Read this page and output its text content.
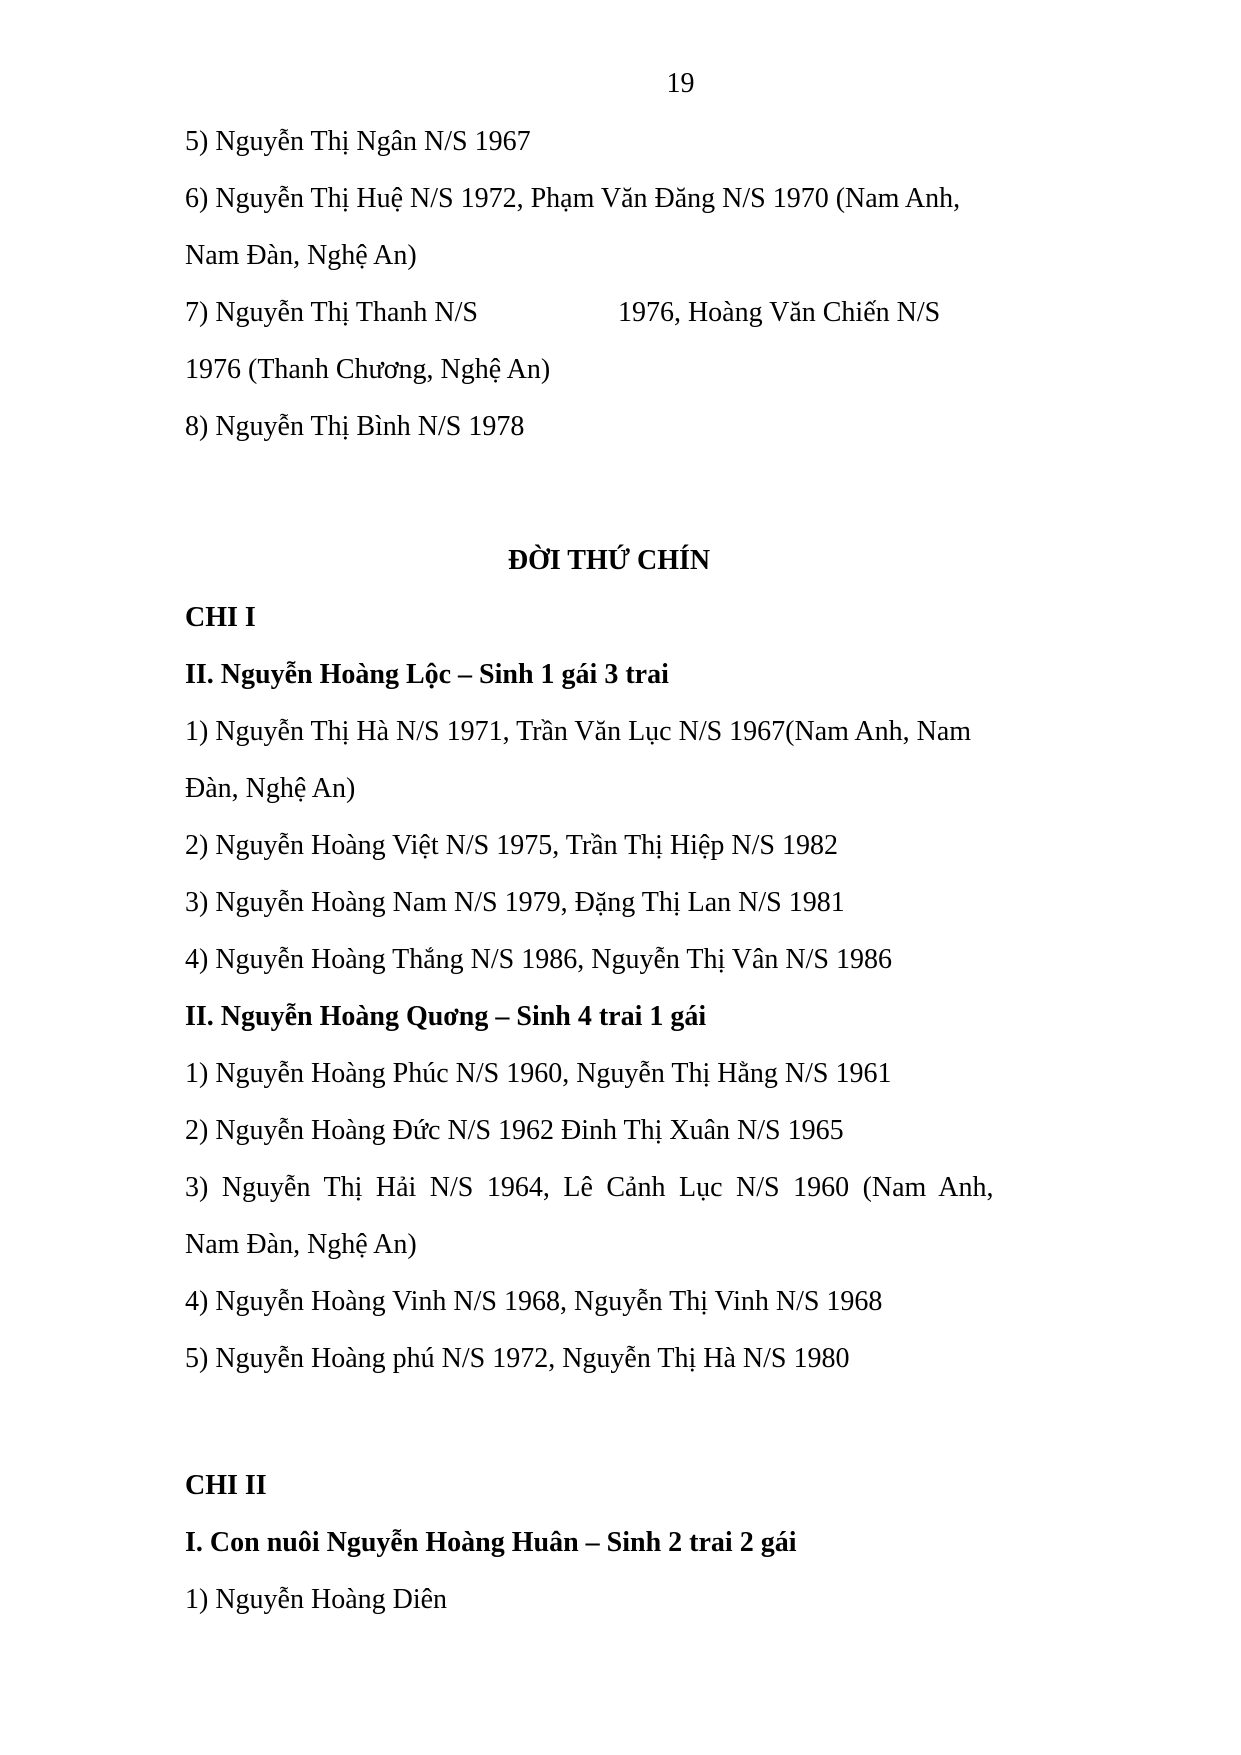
19
5) Nguyễn Thị Ngân N/S 1967
6) Nguyễn Thị Huệ N/S 1972, Phạm Văn Đăng N/S 1970 (Nam Anh,
Nam Đàn, Nghệ An)
7) Nguyễn Thị Thanh N/S	1976, Hoàng Văn Chiến N/S
1976 (Thanh Chương, Nghệ An)
8) Nguyễn Thị Bình N/S 1978
ĐỜI THỨ CHÍN
CHI I
II. Nguyễn Hoàng Lộc – Sinh 1 gái 3 trai
1) Nguyễn Thị Hà N/S 1971, Trần Văn Lục N/S 1967(Nam Anh, Nam
Đàn, Nghệ An)
2) Nguyễn Hoàng Việt N/S 1975, Trần Thị Hiệp N/S 1982
3) Nguyễn Hoàng Nam N/S 1979, Đặng Thị Lan N/S 1981
4) Nguyễn Hoàng Thắng N/S 1986, Nguyễn Thị Vân N/S 1986
II. Nguyễn Hoàng Quơng – Sinh 4 trai 1 gái
1) Nguyễn Hoàng Phúc N/S 1960, Nguyễn Thị Hằng N/S 1961
2) Nguyễn Hoàng Đức N/S 1962 Đinh Thị Xuân N/S 1965
3) Nguyễn Thị Hải N/S 1964, Lê Cảnh Lục N/S 1960 (Nam Anh,
Nam Đàn, Nghệ An)
4) Nguyễn Hoàng Vinh N/S 1968, Nguyễn Thị Vinh N/S 1968
5) Nguyễn Hoàng phú N/S 1972, Nguyễn Thị Hà N/S 1980
CHI II
I. Con nuôi Nguyễn Hoàng Huân – Sinh 2 trai 2 gái
1) Nguyễn Hoàng Diên
